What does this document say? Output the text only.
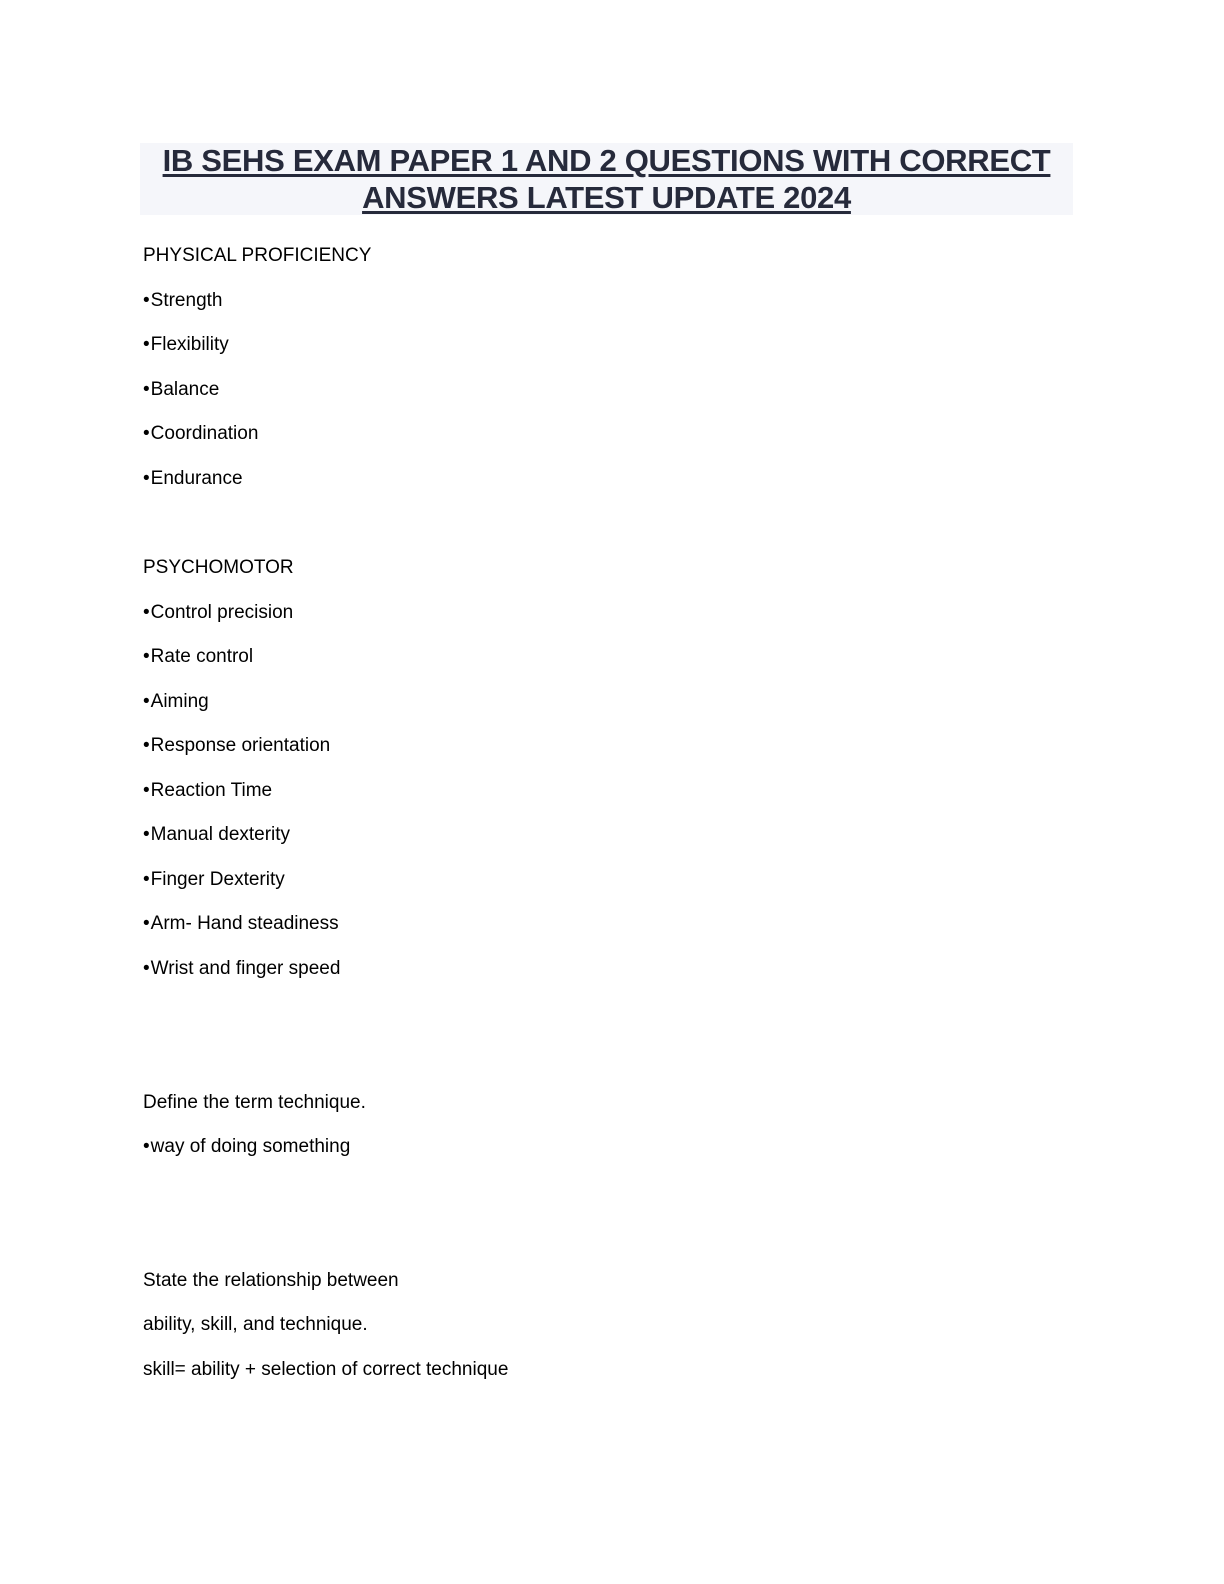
IB SEHS EXAM PAPER 1 AND 2 QUESTIONS WITH CORRECT ANSWERS LATEST UPDATE 2024
PHYSICAL PROFICIENCY
• Strength
• Flexibility
• Balance
• Coordination
• Endurance
PSYCHOMOTOR
• Control precision
• Rate control
• Aiming
• Response orientation
• Reaction Time
• Manual dexterity
• Finger Dexterity
• Arm- Hand steadiness
• Wrist and finger speed
Define the term technique.
• way of doing something
State the relationship between
ability, skill, and technique.
skill= ability + selection of correct technique
